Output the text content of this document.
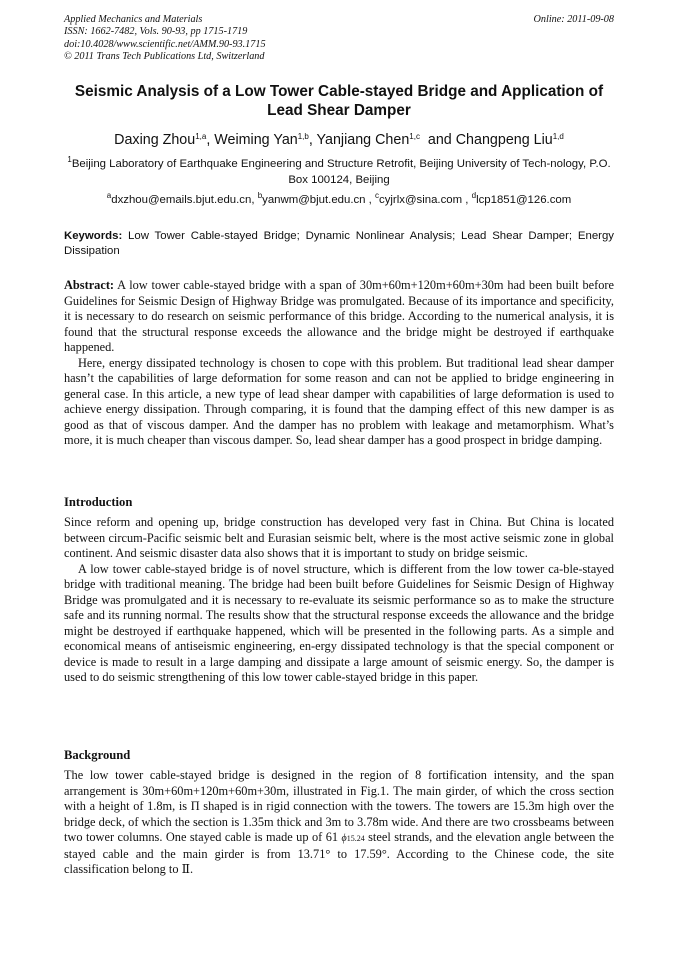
Applied Mechanics and Materials
ISSN: 1662-7482, Vols. 90-93, pp 1715-1719
doi:10.4028/www.scientific.net/AMM.90-93.1715
© 2011 Trans Tech Publications Ltd, Switzerland
Online: 2011-09-08
Seismic Analysis of a Low Tower Cable-stayed Bridge and Application of Lead Shear Damper
Daxing Zhou$^{1,a}$, Weiming Yan$^{1,b}$, Yanjiang Chen$^{1,c}$  and Changpeng Liu$^{1,d}$
$^1$Beijing Laboratory of Earthquake Engineering and Structure Retrofit, Beijing University of Tech-nology, P.O. Box 100124, Beijing
$^a$dxzhou@emails.bjut.edu.cn, $^b$yanwm@bjut.edu.cn , $^c$cyjrlx@sina.com , $^d$lcp1851@126.com
Keywords: Low Tower Cable-stayed Bridge; Dynamic Nonlinear Analysis; Lead Shear Damper; Energy Dissipation

Abstract: A low tower cable-stayed bridge with a span of 30m+60m+120m+60m+30m had been built before Guidelines for Seismic Design of Highway Bridge was promulgated. Because of its importance and specificity, it is necessary to do research on seismic performance of this bridge. According to the numerical analysis, it is found that the structural response exceeds the allowance and the bridge might be destroyed if earthquake happened.

Here, energy dissipated technology is chosen to cope with this problem. But traditional lead shear damper hasn’t the capabilities of large deformation for some reason and can not be applied to bridge engineering in general case. In this article, a new type of lead shear damper with capabilities of large deformation is used to achieve energy dissipation. Through comparing, it is found that the damping effect of this new damper is as good as that of viscous damper. And the damper has no problem with leakage and metamorphism. What’s more, it is much cheaper than viscous damper. So, lead shear damper has a good prospect in bridge damping.

Introduction

Since reform and opening up, bridge construction has developed very fast in China. But China is located between circum-Pacific seismic belt and Eurasian seismic belt, where is the most active seismic zone in global continent. And seismic disaster data also shows that it is important to study on bridge seismic.

A low tower cable-stayed bridge is of novel structure, which is different from the low tower ca-ble-stayed bridge with traditional meaning. The bridge had been built before Guidelines for Seismic Design of Highway Bridge was promulgated and it is necessary to re-evaluate its seismic performance so as to make the structure safe and its running normal. The results show that the structural response exceeds the allowance and the bridge might be destroyed if earthquake happened, which will be presented in the following parts. As a simple and economical means of antiseismic engineering, en-ergy dissipated technology is that the special component or device is made to result in a large damping and dissipate a large amount of seismic energy. So, the damper is used to do seismic strengthening of this low tower cable-stayed bridge in this paper.

Background

The low tower cable-stayed bridge is designed in the region of 8 fortification intensity, and the span arrangement is 30m+60m+120m+60m+30m, illustrated in Fig.1. The main girder, of which the cross section with a height of 1.8m, is Π shaped is in rigid connection with the towers. The towers are 15.3m high over the bridge deck, of which the section is 1.35m thick and 3m to 3.78m wide. And there are two crossbeams between two tower columns. One stayed cable is made up of 61 ϕ15.24 steel strands, and the elevation angle between the stayed cable and the main girder is from 13.71° to 17.59°. According to the Chinese code, the site classification belong to Ⅱ.
